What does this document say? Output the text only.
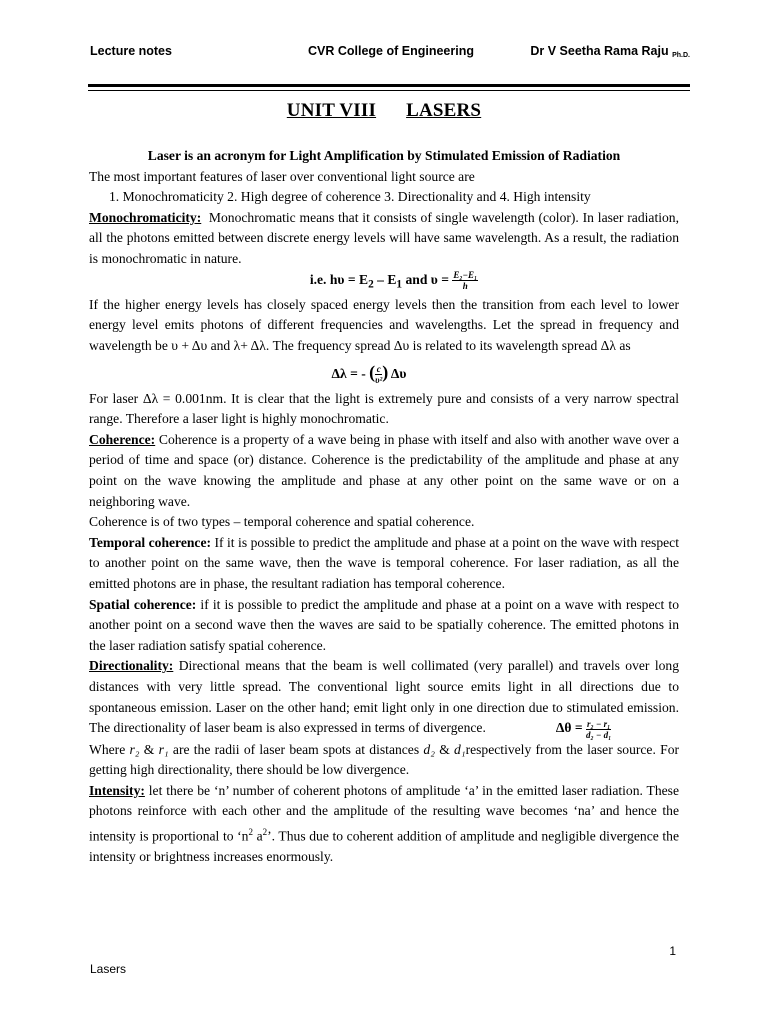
Lecture notes	CVR College of Engineering	Dr V Seetha Rama Raju $_{Ph.D.}$
UNIT VIII LASERS

Laser is an acronym for Light Amplification by Stimulated Emission of Radiation

The most important features of laser over conventional light source are

1. Monochromaticity 2. High degree of coherence 3. Directionality and 4. High intensity

Monochromaticity: Monochromatic means that it consists of single wavelength (color). In laser radiation, all the photons emitted between discrete energy levels will have same wavelength. As a result, the radiation is monochromatic in nature.

i.e. $h\upsilon = E_2 - E_1$ and $\upsilon = \frac{\text{E₂−E₁}}{h}$

If the higher energy levels has closely spaced energy levels then the transition from each level to lower energy level emits photons of different frequencies and wavelengths. Let the spread in frequency and wavelength be υ + Δυ and λ+ Δλ. The frequency spread Δυ is related to its wavelength spread Δλ as

Δλ = - ( $\frac{c}{\text{υ²}}$ ) Δυ

For laser Δλ = 0.001nm. It is clear that the light is extremely pure and consists of a very narrow spectral range. Therefore a laser light is highly monochromatic.

Coherence: Coherence is a property of a wave being in phase with itself and also with another wave over a period of time and space (or) distance. Coherence is the predictability of the amplitude and phase at any point on the wave knowing the amplitude and phase at any other point on the same wave or on a neighboring wave.

Coherence is of two types – temporal coherence and spatial coherence.

Temporal coherence: If it is possible to predict the amplitude and phase at a point on the wave with respect to another point on the same wave, then the wave is temporal coherence. For laser radiation, as all the emitted photons are in phase, the resultant radiation has temporal coherence.

Spatial coherence: if it is possible to predict the amplitude and phase at a point on a wave with respect to another point on a second wave then the waves are said to be spatially coherence. The emitted photons in the laser radiation satisfy spatial coherence.

Directionality: Directional means that the beam is well collimated (very parallel) and travels over long distances with very little spread. The conventional light source emits light in all directions due to spontaneous emission. Laser on the other hand; emit light only in one direction due to stimulated emission. The directionality of laser beam is also expressed in terms of divergence.	$\Delta\theta = \frac{\text{r₂ − r₁}}{\text{d₂ − d₁}}$

Where r₂ & r₁ are the radii of laser beam spots at distances d₂ & d₁respectively from the laser source. For getting high directionality, there should be low divergence.

Intensity: let there be ‘n’ number of coherent photons of amplitude ‘a’ in the emitted laser radiation. These photons reinforce with each other and the amplitude of the resulting wave becomes ‘na’ and hence the intensity is proportional to ‘$n^2$ $a^2$’. Thus due to coherent addition of amplitude and negligible divergence the intensity or brightness increases enormously.

1
Lasers
